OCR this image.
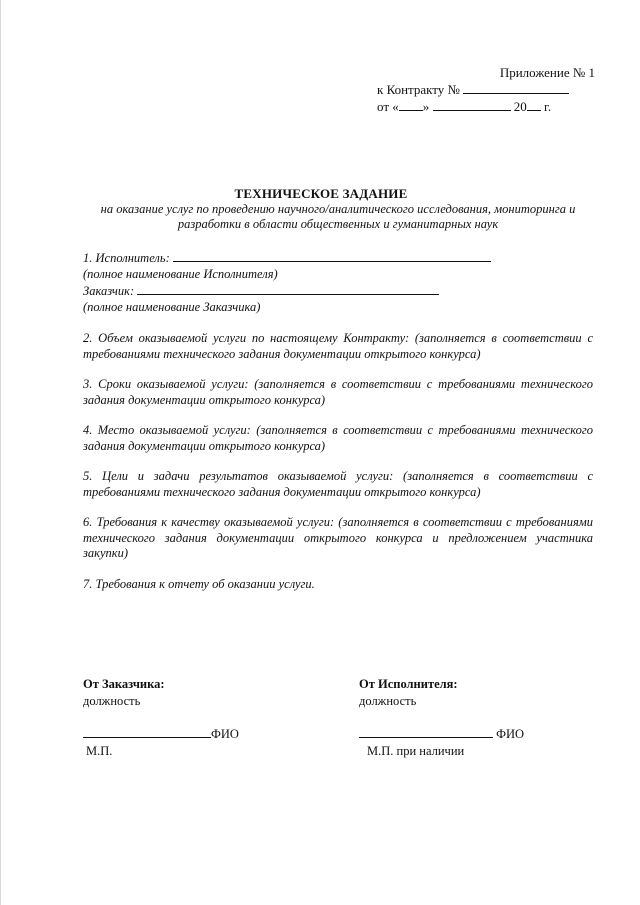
Приложение № 1
к Контракту №
от « »	20 г.
ТЕХНИЧЕСКОЕ ЗАДАНИЕ
на оказание услуг по проведению научного/аналитического исследования, мониторинга и разработки в области общественных и гуманитарных наук
1. Исполнитель:
(полное наименование Исполнителя)
Заказчик:
(полное наименование Заказчика)
2. Объем оказываемой услуги по настоящему Контракту: (заполняется в соответствии с требованиями технического задания документации открытого конкурса)
3. Сроки оказываемой услуги: (заполняется в соответствии с требованиями технического задания документации открытого конкурса)
4. Место оказываемой услуги: (заполняется в соответствии с требованиями технического задания документации открытого конкурса)
5. Цели и задачи результатов оказываемой услуги: (заполняется в соответствии с требованиями технического задания документации открытого конкурса)
6. Требования к качеству оказываемой услуги: (заполняется в соответствии с требованиями технического задания документации открытого конкурса и предложением участника закупки)
7. Требования к отчету об оказании услуги.
От Заказчика:
должность
ФИО
М.П.
От Исполнителя:
должность
ФИО
М.П. при наличии
